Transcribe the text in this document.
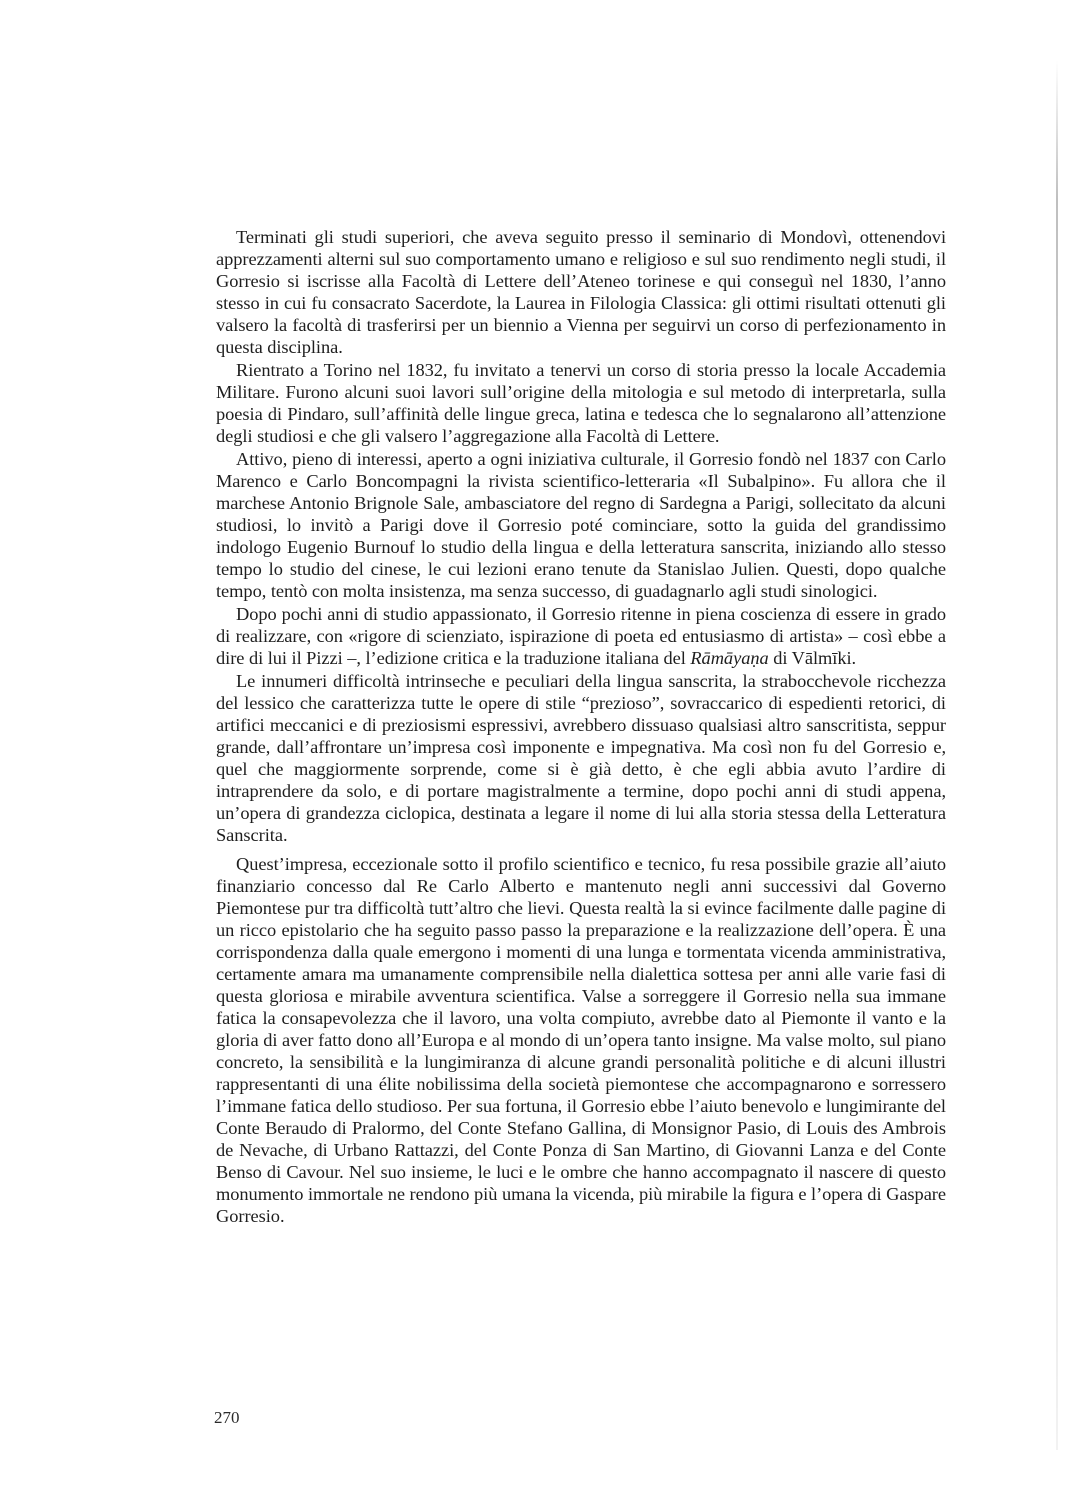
Terminati gli studi superiori, che aveva seguito presso il seminario di Mondovì, ottenendovi apprezzamenti alterni sul suo comportamento umano e religioso e sul suo rendimento negli studi, il Gorresio si iscrisse alla Facoltà di Lettere dell’Ateneo torinese e qui conseguì nel 1830, l’anno stesso in cui fu consacrato Sacerdote, la Laurea in Filologia Classica: gli ottimi risultati ottenuti gli valsero la facoltà di trasferirsi per un biennio a Vienna per seguirvi un corso di perfezionamento in questa disciplina.

Rientrato a Torino nel 1832, fu invitato a tenervi un corso di storia presso la locale Accademia Militare. Furono alcuni suoi lavori sull’origine della mitologia e sul metodo di interpretarla, sulla poesia di Pindaro, sull’affinità delle lingue greca, latina e tedesca che lo segnalarono all’attenzione degli studiosi e che gli valsero l’aggregazione alla Facoltà di Lettere.

Attivo, pieno di interessi, aperto a ogni iniziativa culturale, il Gorresio fondò nel 1837 con Carlo Marenco e Carlo Boncompagni la rivista scientifico-letteraria «Il Subalpino». Fu allora che il marchese Antonio Brignole Sale, ambasciatore del regno di Sardegna a Parigi, sollecitato da alcuni studiosi, lo invitò a Parigi dove il Gorresio poté cominciare, sotto la guida del grandissimo indologo Eugenio Burnouf lo studio della lingua e della letteratura sanscrita, iniziando allo stesso tempo lo studio del cinese, le cui lezioni erano tenute da Stanislao Julien. Questi, dopo qualche tempo, tentò con molta insistenza, ma senza successo, di guadagnarlo agli studi sinologici.

Dopo pochi anni di studio appassionato, il Gorresio ritenne in piena coscienza di essere in grado di realizzare, con «rigore di scienziato, ispirazione di poeta ed entusiasmo di artista» – così ebbe a dire di lui il Pizzi –, l’edizione critica e la traduzione italiana del Rāmāyaṇa di Vālmīki.

Le innumeri difficoltà intrinseche e peculiari della lingua sanscrita, la strabocchevole ricchezza del lessico che caratterizza tutte le opere di stile “prezioso”, sovraccarico di espedienti retorici, di artifici meccanici e di preziosismi espressivi, avrebbero dissuaso qualsiasi altro sanscritista, seppur grande, dall’affrontare un’impresa così imponente e impegnativa. Ma così non fu del Gorresio e, quel che maggiormente sorprende, come si è già detto, è che egli abbia avuto l’ardire di intraprendere da solo, e di portare magistralmente a termine, dopo pochi anni di studi appena, un’opera di grandezza ciclopica, destinata a legare il nome di lui alla storia stessa della Letteratura Sanscrita.

Quest’impresa, eccezionale sotto il profilo scientifico e tecnico, fu resa possibile grazie all’aiuto finanziario concesso dal Re Carlo Alberto e mantenuto negli anni successivi dal Governo Piemontese pur tra difficoltà tutt’altro che lievi. Questa realtà la si evince facilmente dalle pagine di un ricco epistolario che ha seguito passo passo la preparazione e la realizzazione dell’opera. È una corrispondenza dalla quale emergono i momenti di una lunga e tormentata vicenda amministrativa, certamente amara ma umanamente comprensibile nella dialettica sottesa per anni alle varie fasi di questa gloriosa e mirabile avventura scientifica. Valse a sorreggere il Gorresio nella sua immane fatica la consapevolezza che il lavoro, una volta compiuto, avrebbe dato al Piemonte il vanto e la gloria di aver fatto dono all’Europa e al mondo di un’opera tanto insigne. Ma valse molto, sul piano concreto, la sensibilità e la lungimiranza di alcune grandi personalità politiche e di alcuni illustri rappresentanti di una élite nobilissima della società piemontese che accompagnarono e sorressero l’immane fatica dello studioso. Per sua fortuna, il Gorresio ebbe l’aiuto benevolo e lungimirante del Conte Beraudo di Pralormo, del Conte Stefano Gallina, di Monsignor Pasio, di Louis des Ambrois de Nevache, di Urbano Rattazzi, del Conte Ponza di San Martino, di Giovanni Lanza e del Conte Benso di Cavour. Nel suo insieme, le luci e le ombre che hanno accompagnato il nascere di questo monumento immortale ne rendono più umana la vicenda, più mirabile la figura e l’opera di Gaspare Gorresio.

270
